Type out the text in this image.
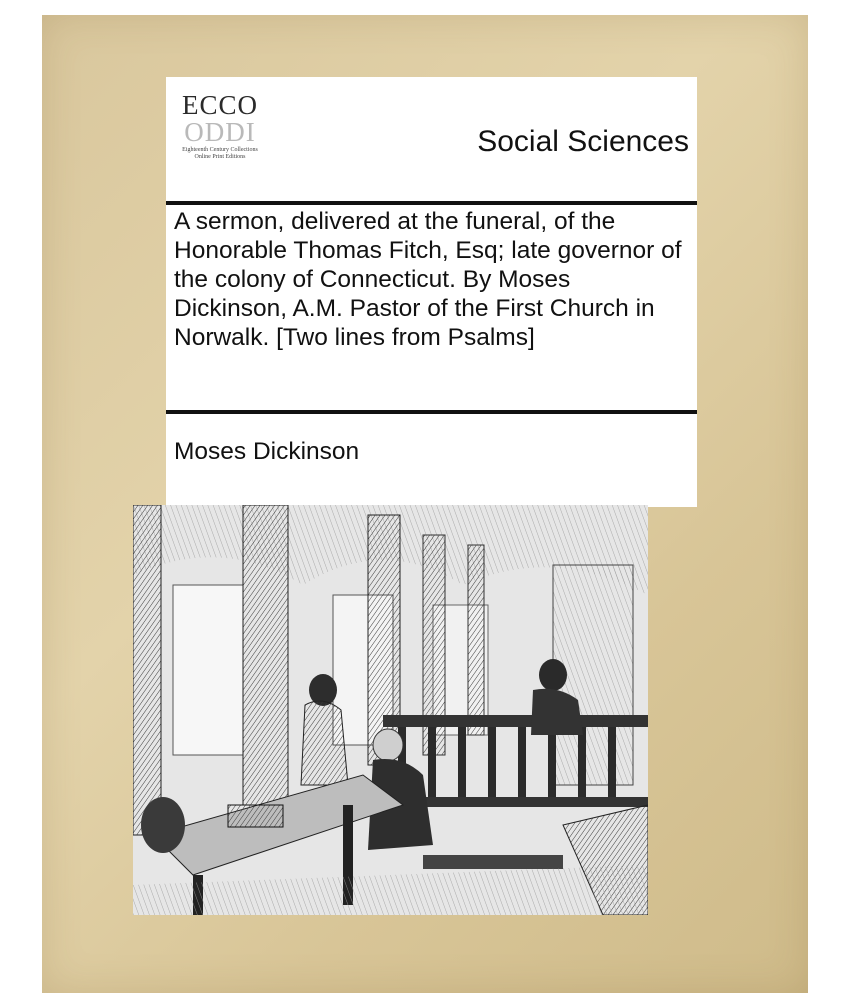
ECCO
ODDI
Eighteenth Century Collections Online Print Editions	Social Sciences
A sermon, delivered at the funeral, of the Honorable Thomas Fitch, Esq; late governor of the colony of Connecticut. By Moses Dickinson, A.M. Pastor of the First Church in Norwalk. [Two lines from Psalms]
Moses Dickinson
